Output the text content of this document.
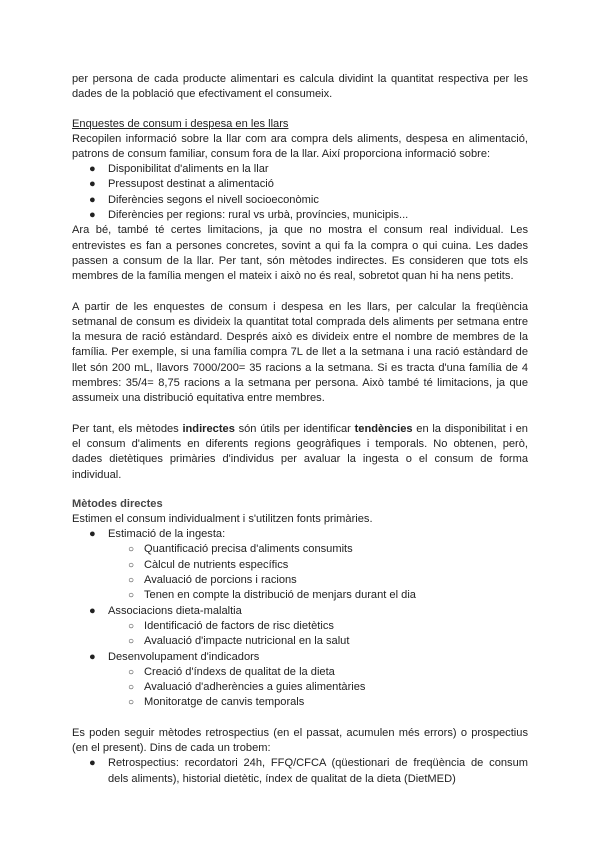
per persona de cada producte alimentari es calcula dividint la quantitat respectiva per les dades de la població que efectivament el consumeix.

Enquestes de consum i despesa en les llars

Recopilen informació sobre la llar com ara compra dels aliments, despesa en alimentació, patrons de consum familiar, consum fora de la llar. Així proporciona informació sobre:

● Disponibilitat d'aliments en la llar
● Pressupost destinat a alimentació
● Diferències segons el nivell socioeconòmic
● Diferències per regions: rural vs urbà, províncies, municipis...

Ara bé, també té certes limitacions, ja que no mostra el consum real individual. Les entrevistes es fan a persones concretes, sovint a qui fa la compra o qui cuina. Les dades passen a consum de la llar. Per tant, són mètodes indirectes. Es consideren que tots els membres de la família mengen el mateix i això no és real, sobretot quan hi ha nens petits.

A partir de les enquestes de consum i despesa en les llars, per calcular la freqüència setmanal de consum es divideix la quantitat total comprada dels aliments per setmana entre la mesura de ració estàndard. Després això es divideix entre el nombre de membres de la família. Per exemple, si una família compra 7L de llet a la setmana i una ració estàndard de llet són 200 mL, llavors 7000/200= 35 racions a la setmana. Si es tracta d'una família de 4 membres: 35/4= 8,75 racions a la setmana per persona. Això també té limitacions, ja que assumeix una distribució equitativa entre membres.

Per tant, els mètodes indirectes són útils per identificar tendències en la disponibilitat i en el consum d'aliments en diferents regions geogràfiques i temporals. No obtenen, però, dades dietètiques primàries d'individus per avaluar la ingesta o el consum de forma individual.

Mètodes directes

Estimen el consum individualment i s'utilitzen fonts primàries.

● Estimació de la ingesta:
○ Quantificació precisa d'aliments consumits
○ Càlcul de nutrients específics
○ Avaluació de porcions i racions
○ Tenen en compte la distribució de menjars durant el dia
● Associacions dieta-malaltia
○ Identificació de factors de risc dietètics
○ Avaluació d'impacte nutricional en la salut
● Desenvolupament d'indicadors
○ Creació d'índexs de qualitat de la dieta
○ Avaluació d'adherències a guies alimentàries
○ Monitoratge de canvis temporals

Es poden seguir mètodes retrospectius (en el passat, acumulen més errors) o prospectius (en el present). Dins de cada un trobem:

● Retrospectius: recordatori 24h, FFQ/CFCA (qüestionari de freqüència de consum dels aliments), historial dietètic, índex de qualitat de la dieta (DietMED)
